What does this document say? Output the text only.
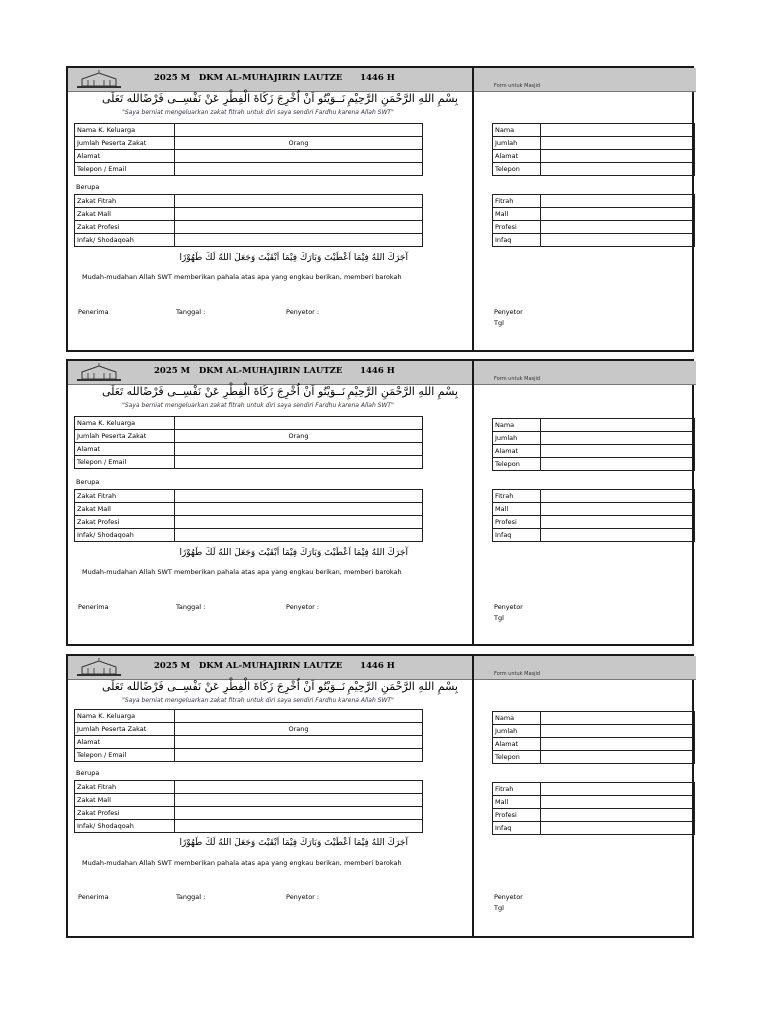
2025 M   DKM AL-MUHAJIRIN LAUTZE      1446 H
بِسْمِ اللهِ الرَّحْمَنِ الرَّحِيْمِ
نَــوَيْتُو اَنْ اُخْرِجَ زَكَاةَ الْفِطْرِ عَنْ نَفْسِــى فَرْضًالله تَعَلَى
"Saya berniat mengeluarkan zakat fitrah untuk diri saya sendiri Fardhu karena Allah SWT"
Nama K. Keluarga	
Jumlah Peserta Zakat	Orang
Alamat	
Telepon / Email	
Berupa
Zakat Fitrah	
Zakat Mall	
Zakat Profesi	
Infak/ Shodaqoah	
آجَرَكَ اللهُ فِيْمَا اَعْطَيْتَ وَبَارَكَ فِيْمَا اَبْقَيْتَ وَجَعَلَ اللهُ لَكَ طَهُوْرًا
Mudah-mudahan Allah SWT memberikan pahala atas apa yang engkau berikan, memberi barokah
Penerima	Tanggal :	Penyetor :
Form untuk Masjid
Nama	
Jumlah	
Alamat	
Telepon	
Fitrah	
Mall	
Profesi	
Infaq	
Penyetor
Tgl
2025 M   DKM AL-MUHAJIRIN LAUTZE      1446 H
بِسْمِ اللهِ الرَّحْمَنِ الرَّحِيْمِ
نَــوَيْتُو اَنْ اُخْرِجَ زَكَاةَ الْفِطْرِ عَنْ نَفْسِــى فَرْضًالله تَعَلَى
"Saya berniat mengeluarkan zakat fitrah untuk diri saya sendiri Fardhu karena Allah SWT"
Nama K. Keluarga	
Jumlah Peserta Zakat	Orang
Alamat	
Telepon / Email	
Berupa
Zakat Fitrah	
Zakat Mall	
Zakat Profesi	
Infak/ Shodaqoah	
آجَرَكَ اللهُ فِيْمَا اَعْطَيْتَ وَبَارَكَ فِيْمَا اَبْقَيْتَ وَجَعَلَ اللهُ لَكَ طَهُوْرًا
Mudah-mudahan Allah SWT memberikan pahala atas apa yang engkau berikan, memberi barokah
Penerima	Tanggal :	Penyetor :
Form untuk Masjid
Nama	
Jumlah	
Alamat	
Telepon	
Fitrah	
Mall	
Profesi	
Infaq	
Penyetor
Tgl
2025 M   DKM AL-MUHAJIRIN LAUTZE      1446 H
بِسْمِ اللهِ الرَّحْمَنِ الرَّحِيْمِ
نَــوَيْتُو اَنْ اُخْرِجَ زَكَاةَ الْفِطْرِ عَنْ نَفْسِــى فَرْضًالله تَعَلَى
"Saya berniat mengeluarkan zakat fitrah untuk diri saya sendiri Fardhu karena Allah SWT"
Nama K. Keluarga	
Jumlah Peserta Zakat	Orang
Alamat	
Telepon / Email	
Berupa
Zakat Fitrah	
Zakat Mall	
Zakat Profesi	
Infak/ Shodaqoah	
آجَرَكَ اللهُ فِيْمَا اَعْطَيْتَ وَبَارَكَ فِيْمَا اَبْقَيْتَ وَجَعَلَ اللهُ لَكَ طَهُوْرًا
Mudah-mudahan Allah SWT memberikan pahala atas apa yang engkau berikan, memberi barokah
Penerima	Tanggal :	Penyetor :
Form untuk Masjid
Nama	
Jumlah	
Alamat	
Telepon	
Fitrah	
Mall	
Profesi	
Infaq	
Penyetor
Tgl
